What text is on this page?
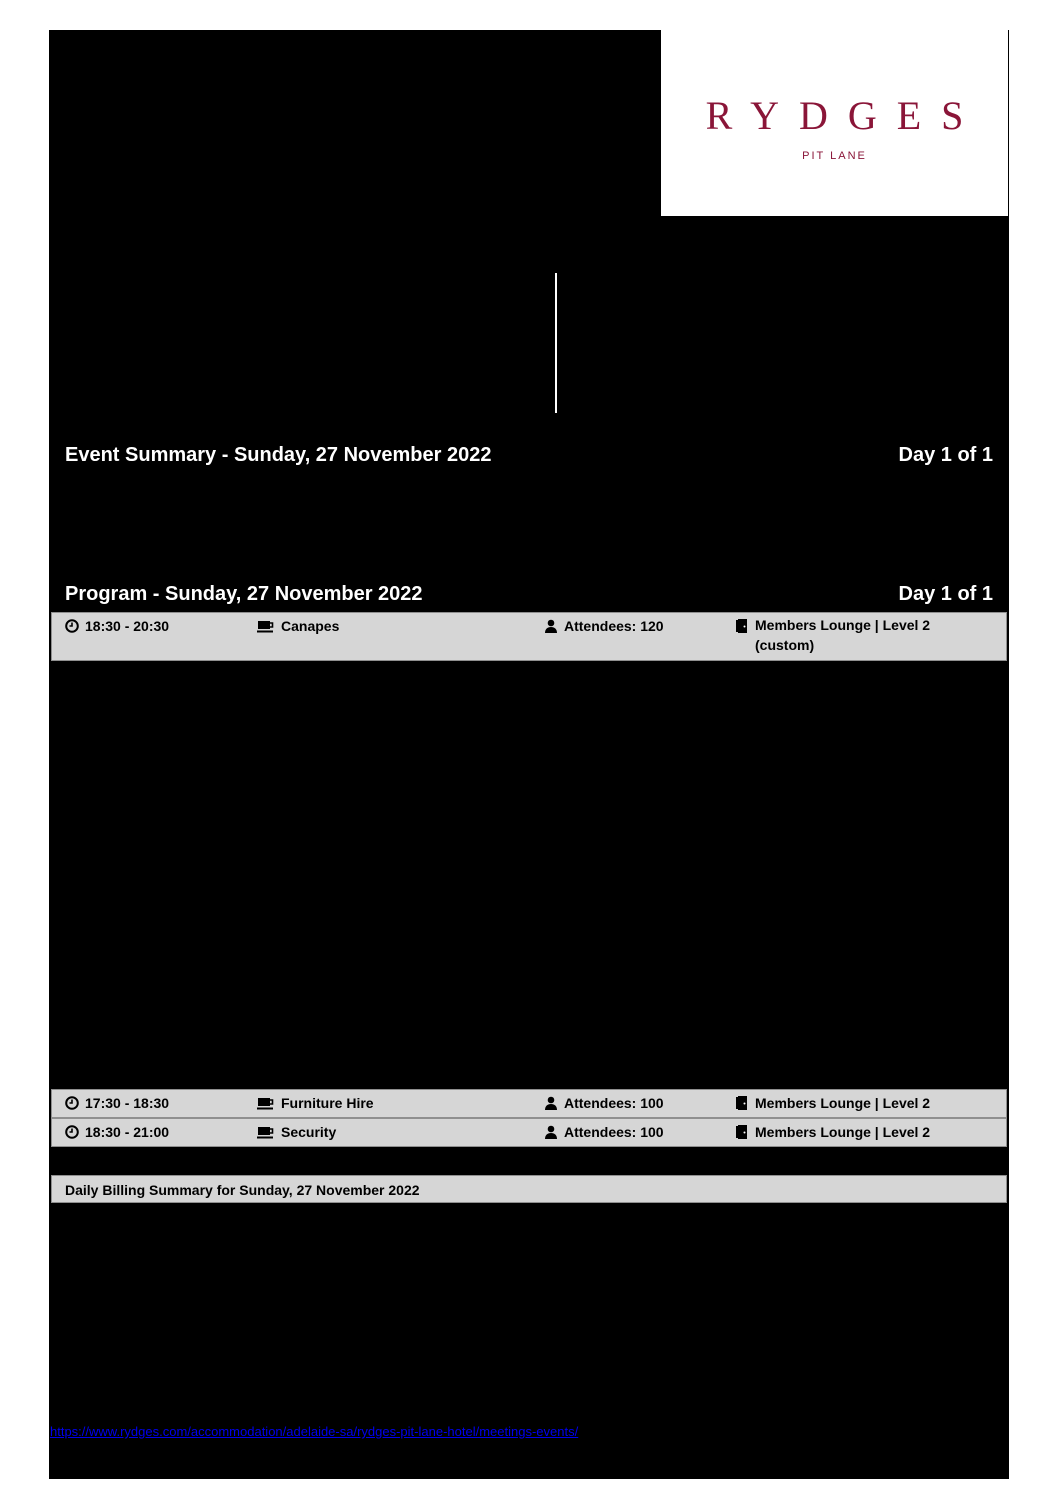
RYDGES
PIT LANE
Event Summary - Sunday, 27 November 2022	Day 1 of 1
Program - Sunday, 27 November 2022	Day 1 of 1
18:30 - 20:30	Canapes	Attendees: 120	Members Lounge | Level 2
(custom)
17:30 - 18:30	Furniture Hire	Attendees: 100	Members Lounge | Level 2
18:30 - 21:00	Security	Attendees: 100	Members Lounge | Level 2
Daily Billing Summary for Sunday, 27 November 2022
https://www.rydges.com/accommodation/adelaide-sa/rydges-pit-lane-hotel/meetings-events/
